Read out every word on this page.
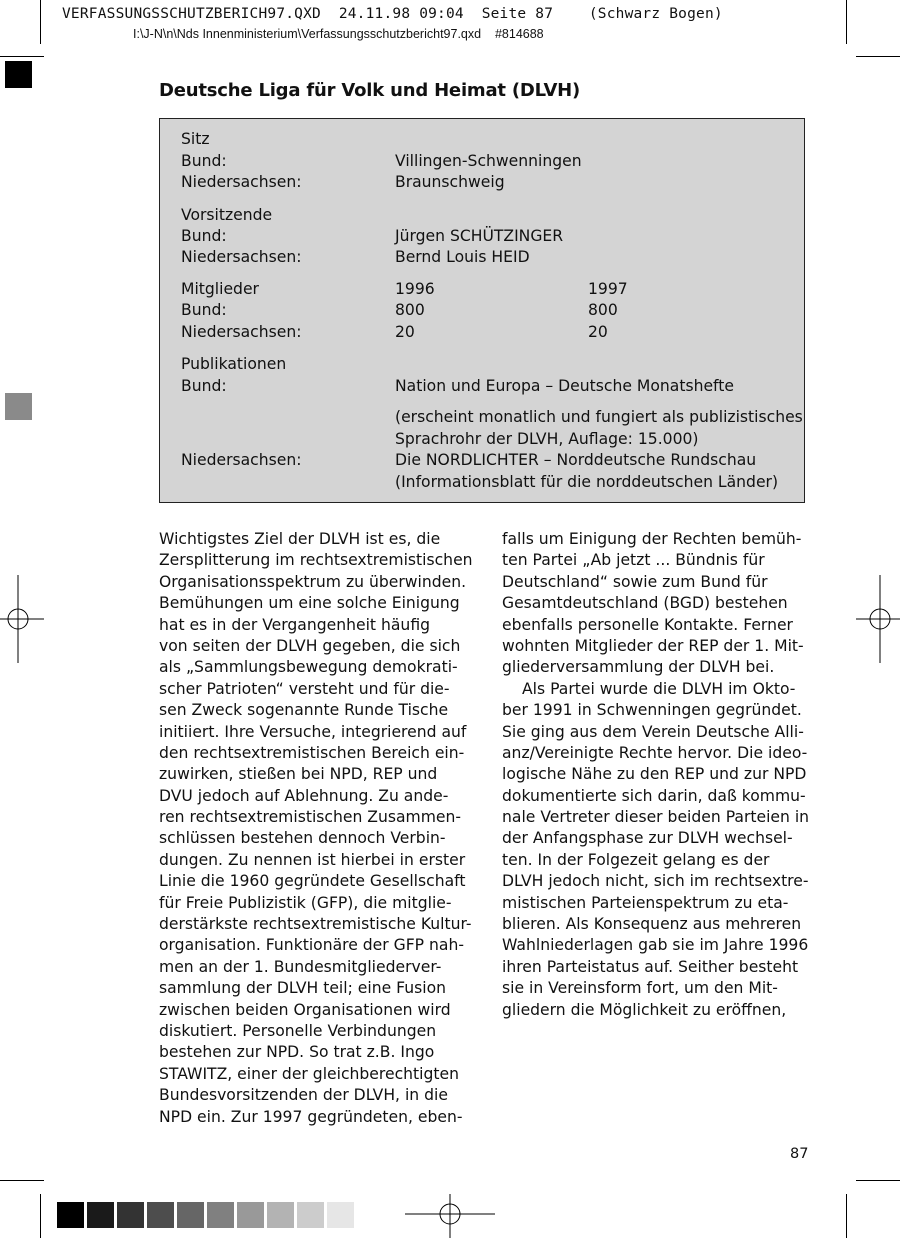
VERFASSUNGSSCHUTZBERICH97.QXD  24.11.98 09:04  Seite 87    (Schwarz Bogen)
I:\J-N\n\Nds Innenministerium\Verfassungsschutzbericht97.qxd    #814688
Deutsche Liga für Volk und Heimat (DLVH)
Sitz
Bund:	Villingen-Schwenningen
Niedersachsen:	Braunschweig
Vorsitzende
Bund:	Jürgen SCHÜTZINGER
Niedersachsen:	Bernd Louis HEID
Mitglieder	1996	1997
Bund:	800	800
Niedersachsen:	20	20
Publikationen
Bund:	Nation und Europa – Deutsche Monatshefte
(erscheint monatlich und fungiert als publizistisches
Sprachrohr der DLVH, Auflage: 15.000)
Niedersachsen:	Die NORDLICHTER – Norddeutsche Rundschau
(Informationsblatt für die norddeutschen Länder)
Wichtigstes Ziel der DLVH ist es, die
Zersplitterung im rechtsextremistischen
Organisationsspektrum zu überwinden.
Bemühungen um eine solche Einigung
hat es in der Vergangenheit häufig
von seiten der DLVH gegeben, die sich
als „Sammlungsbewegung demokrati-
scher Patrioten“ versteht und für die-
sen Zweck sogenannte Runde Tische
initiiert. Ihre Versuche, integrierend auf
den rechtsextremistischen Bereich ein-
zuwirken, stießen bei NPD, REP und
DVU jedoch auf Ablehnung. Zu ande-
ren rechtsextremistischen Zusammen-
schlüssen bestehen dennoch Verbin-
dungen. Zu nennen ist hierbei in erster
Linie die 1960 gegründete Gesellschaft
für Freie Publizistik (GFP), die mitglie-
derstärkste rechtsextremistische Kultur-
organisation. Funktionäre der GFP nah-
men an der 1. Bundesmitgliederver-
sammlung der DLVH teil; eine Fusion
zwischen beiden Organisationen wird
diskutiert. Personelle Verbindungen
bestehen zur NPD. So trat z.B. Ingo
STAWITZ, einer der gleichberechtigten
Bundesvorsitzenden der DLVH, in die
NPD ein. Zur 1997 gegründeten, eben-
falls um Einigung der Rechten bemüh-
ten Partei „Ab jetzt ... Bündnis für
Deutschland“ sowie zum Bund für
Gesamtdeutschland (BGD) bestehen
ebenfalls personelle Kontakte. Ferner
wohnten Mitglieder der REP der 1. Mit-
gliederversammlung der DLVH bei.
Als Partei wurde die DLVH im Okto-
ber 1991 in Schwenningen gegründet.
Sie ging aus dem Verein Deutsche Alli-
anz/Vereinigte Rechte hervor. Die ideo-
logische Nähe zu den REP und zur NPD
dokumentierte sich darin, daß kommu-
nale Vertreter dieser beiden Parteien in
der Anfangsphase zur DLVH wechsel-
ten. In der Folgezeit gelang es der
DLVH jedoch nicht, sich im rechtsextre-
mistischen Parteienspektrum zu eta-
blieren. Als Konsequenz aus mehreren
Wahlniederlagen gab sie im Jahre 1996
ihren Parteistatus auf. Seither besteht
sie in Vereinsform fort, um den Mit-
gliedern die Möglichkeit zu eröffnen,
87
